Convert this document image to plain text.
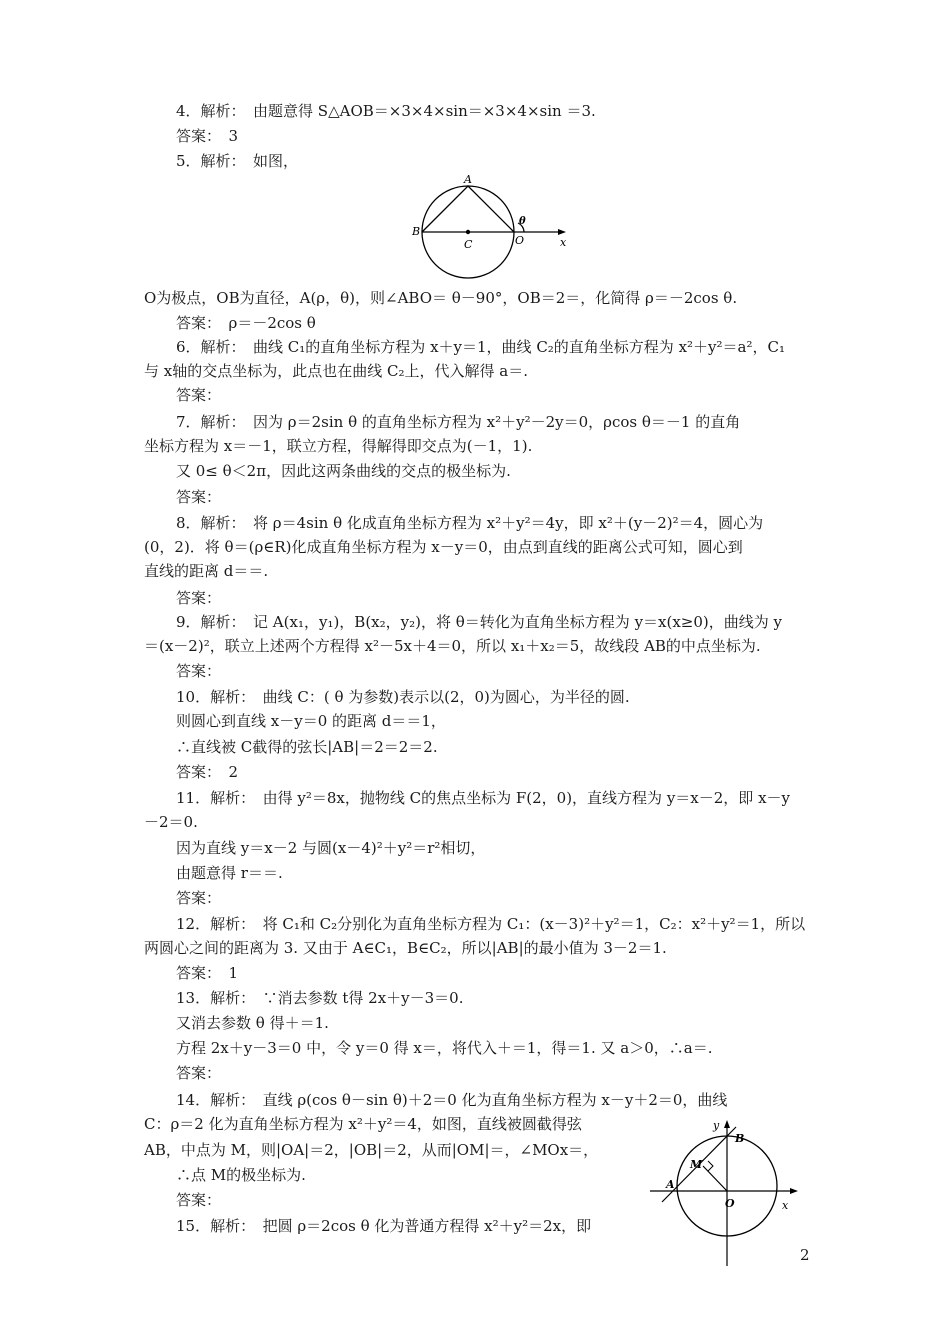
4．解析：　由题意得 S△AOB＝×3×4×sin＝×3×4×sin ＝3.
答案：　3
5．解析：　如图，
O为极点，OB为直径，A(ρ，θ)，则∠ABO＝ θ－90°，OB＝2＝，化简得 ρ＝－2cos θ.
答案：　ρ＝－2cos θ
6．解析：　曲线 C₁的直角坐标方程为 x＋y＝1，曲线 C₂的直角坐标方程为 x²＋y²＝a²，C₁
与 x轴的交点坐标为，此点也在曲线 C₂上，代入解得 a＝.
答案：
7．解析：　因为 ρ＝2sin θ 的直角坐标方程为 x²＋y²－2y＝0，ρcos θ＝－1 的直角
坐标方程为 x＝－1，联立方程，得解得即交点为(－1，1).
又 0≤ θ＜2π，因此这两条曲线的交点的极坐标为.
答案：
8．解析：　将 ρ＝4sin θ 化成直角坐标方程为 x²＋y²＝4y，即 x²＋(y－2)²＝4，圆心为
(0，2)．将 θ＝(ρ∈R)化成直角坐标方程为 x－y＝0，由点到直线的距离公式可知，圆心到
直线的距离 d＝＝.
答案：
9．解析：　记 A(x₁，y₁)，B(x₂，y₂)，将 θ＝转化为直角坐标方程为 y＝x(x≥0)，曲线为 y
＝(x－2)²，联立上述两个方程得 x²－5x＋4＝0，所以 x₁＋x₂＝5，故线段 AB的中点坐标为.
答案：
10．解析：　曲线 C：( θ 为参数)表示以(2，0)为圆心，为半径的圆.
则圆心到直线 x－y＝0 的距离 d＝＝1，
∴直线被 C截得的弦长|AB|＝2＝2＝2.
答案：　2
11．解析：　由得 y²＝8x，抛物线 C的焦点坐标为 F(2，0)，直线方程为 y＝x－2，即 x－y
－2＝0.
因为直线 y＝x－2 与圆(x－4)²＋y²＝r²相切，
由题意得 r＝＝.
答案：
12．解析：　将 C₁和 C₂分别化为直角坐标方程为 C₁：(x－3)²＋y²＝1，C₂：x²＋y²＝1，所以
两圆心之间的距离为 3. 又由于 A∈C₁，B∈C₂，所以|AB|的最小值为 3－2＝1.
答案：　1
13．解析：　∵消去参数 t得 2x＋y－3＝0.
又消去参数 θ 得＋＝1.
方程 2x＋y－3＝0 中，令 y＝0 得 x＝，将代入＋＝1，得＝1. 又 a＞0，∴a＝.
答案：
14．解析：　直线 ρ(cos θ－sin θ)＋2＝0 化为直角坐标方程为 x－y＋2＝0，曲线
C：ρ＝2 化为直角坐标方程为 x²＋y²＝4，如图，直线被圆截得弦
AB，中点为 M，则|OA|＝2，|OB|＝2，从而|OM|＝，∠MOx＝，
∴点 M的极坐标为.
答案：
15．解析：　把圆 ρ＝2cos θ 化为普通方程得 x²＋y²＝2x，即
A
B
C	O
θ
x
y
B
M
A
O	x
2
